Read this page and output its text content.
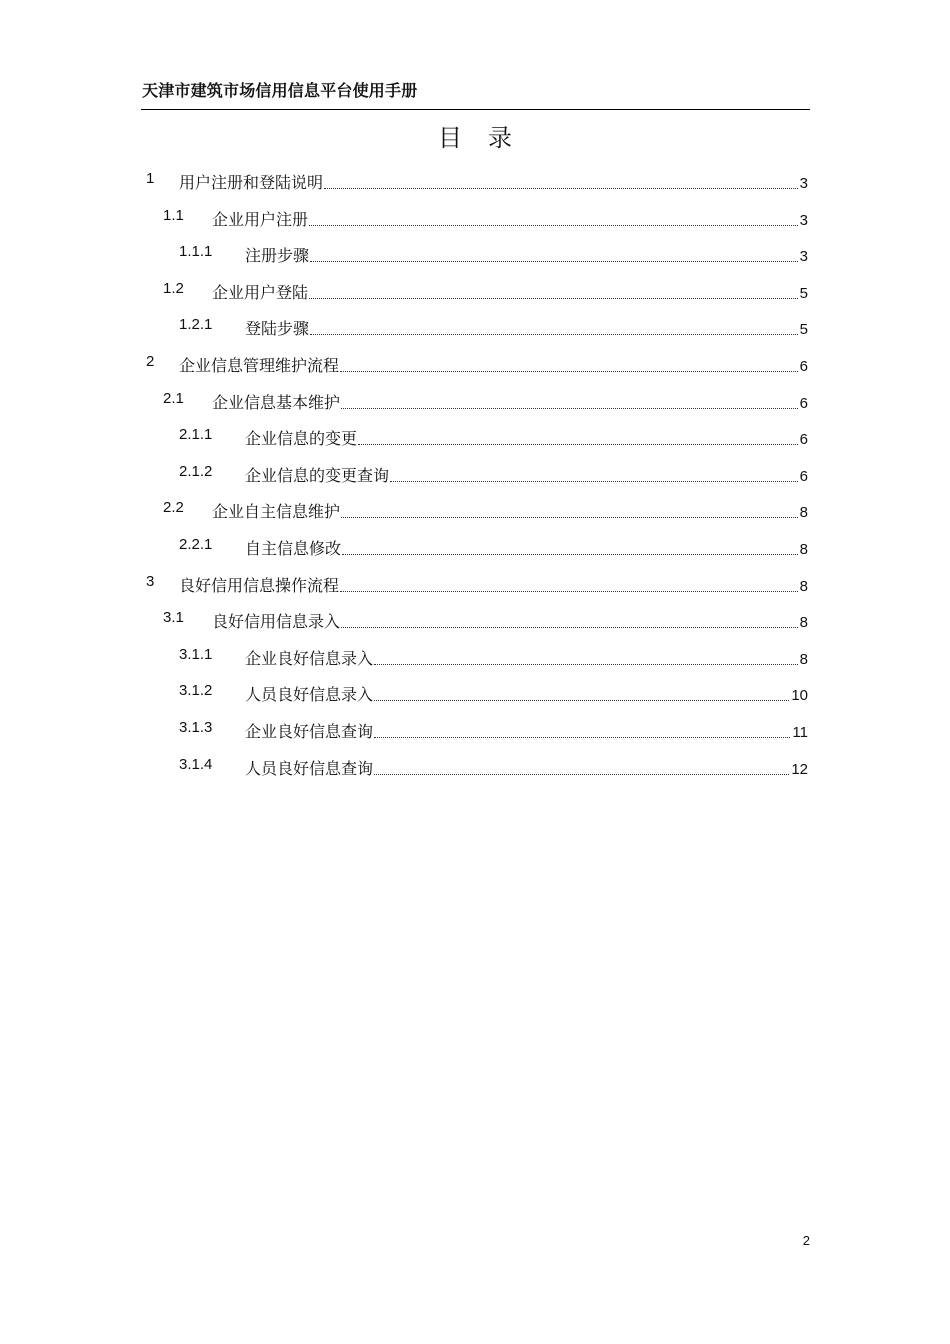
天津市建筑市场信用信息平台使用手册
目录
1 用户注册和登陆说明	3
1.1 企业用户注册	3
1.1.1 注册步骤	3
1.2 企业用户登陆	5
1.2.1 登陆步骤	5
2 企业信息管理维护流程	6
2.1 企业信息基本维护	6
2.1.1 企业信息的变更	6
2.1.2 企业信息的变更查询	6
2.2 企业自主信息维护	8
2.2.1 自主信息修改	8
3 良好信用信息操作流程	8
3.1 良好信用信息录入	8
3.1.1 企业良好信息录入	8
3.1.2 人员良好信息录入	10
3.1.3 企业良好信息查询	11
3.1.4 人员良好信息查询	12
2
